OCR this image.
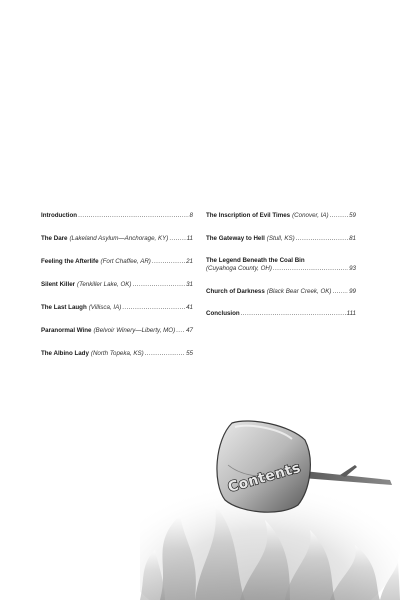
Introduction .....	8
The Dare (Lakeland Asylum—Anchorage, KY) .....	11
Feeling the Afterlife (Fort Chaffee, AR) .....	21
Silent Killer (Tenkiller Lake, OK) .....	31
The Last Laugh (Villisca, IA) .....	41
Paranormal Wine (Belvoir Winery—Liberty, MO) ..... 47
The Albino Lady (North Topeka, KS) .....	55
The Inscription of Evil Times (Conover, IA) .....	59
The Gateway to Hell (Stull, KS) .....	81
The Legend Beneath the Coal Bin
(Cuyahoga County, OH) .....	93
Church of Darkness (Black Bear Creek, OK) .....	99
Conclusion .....	111
Contents
